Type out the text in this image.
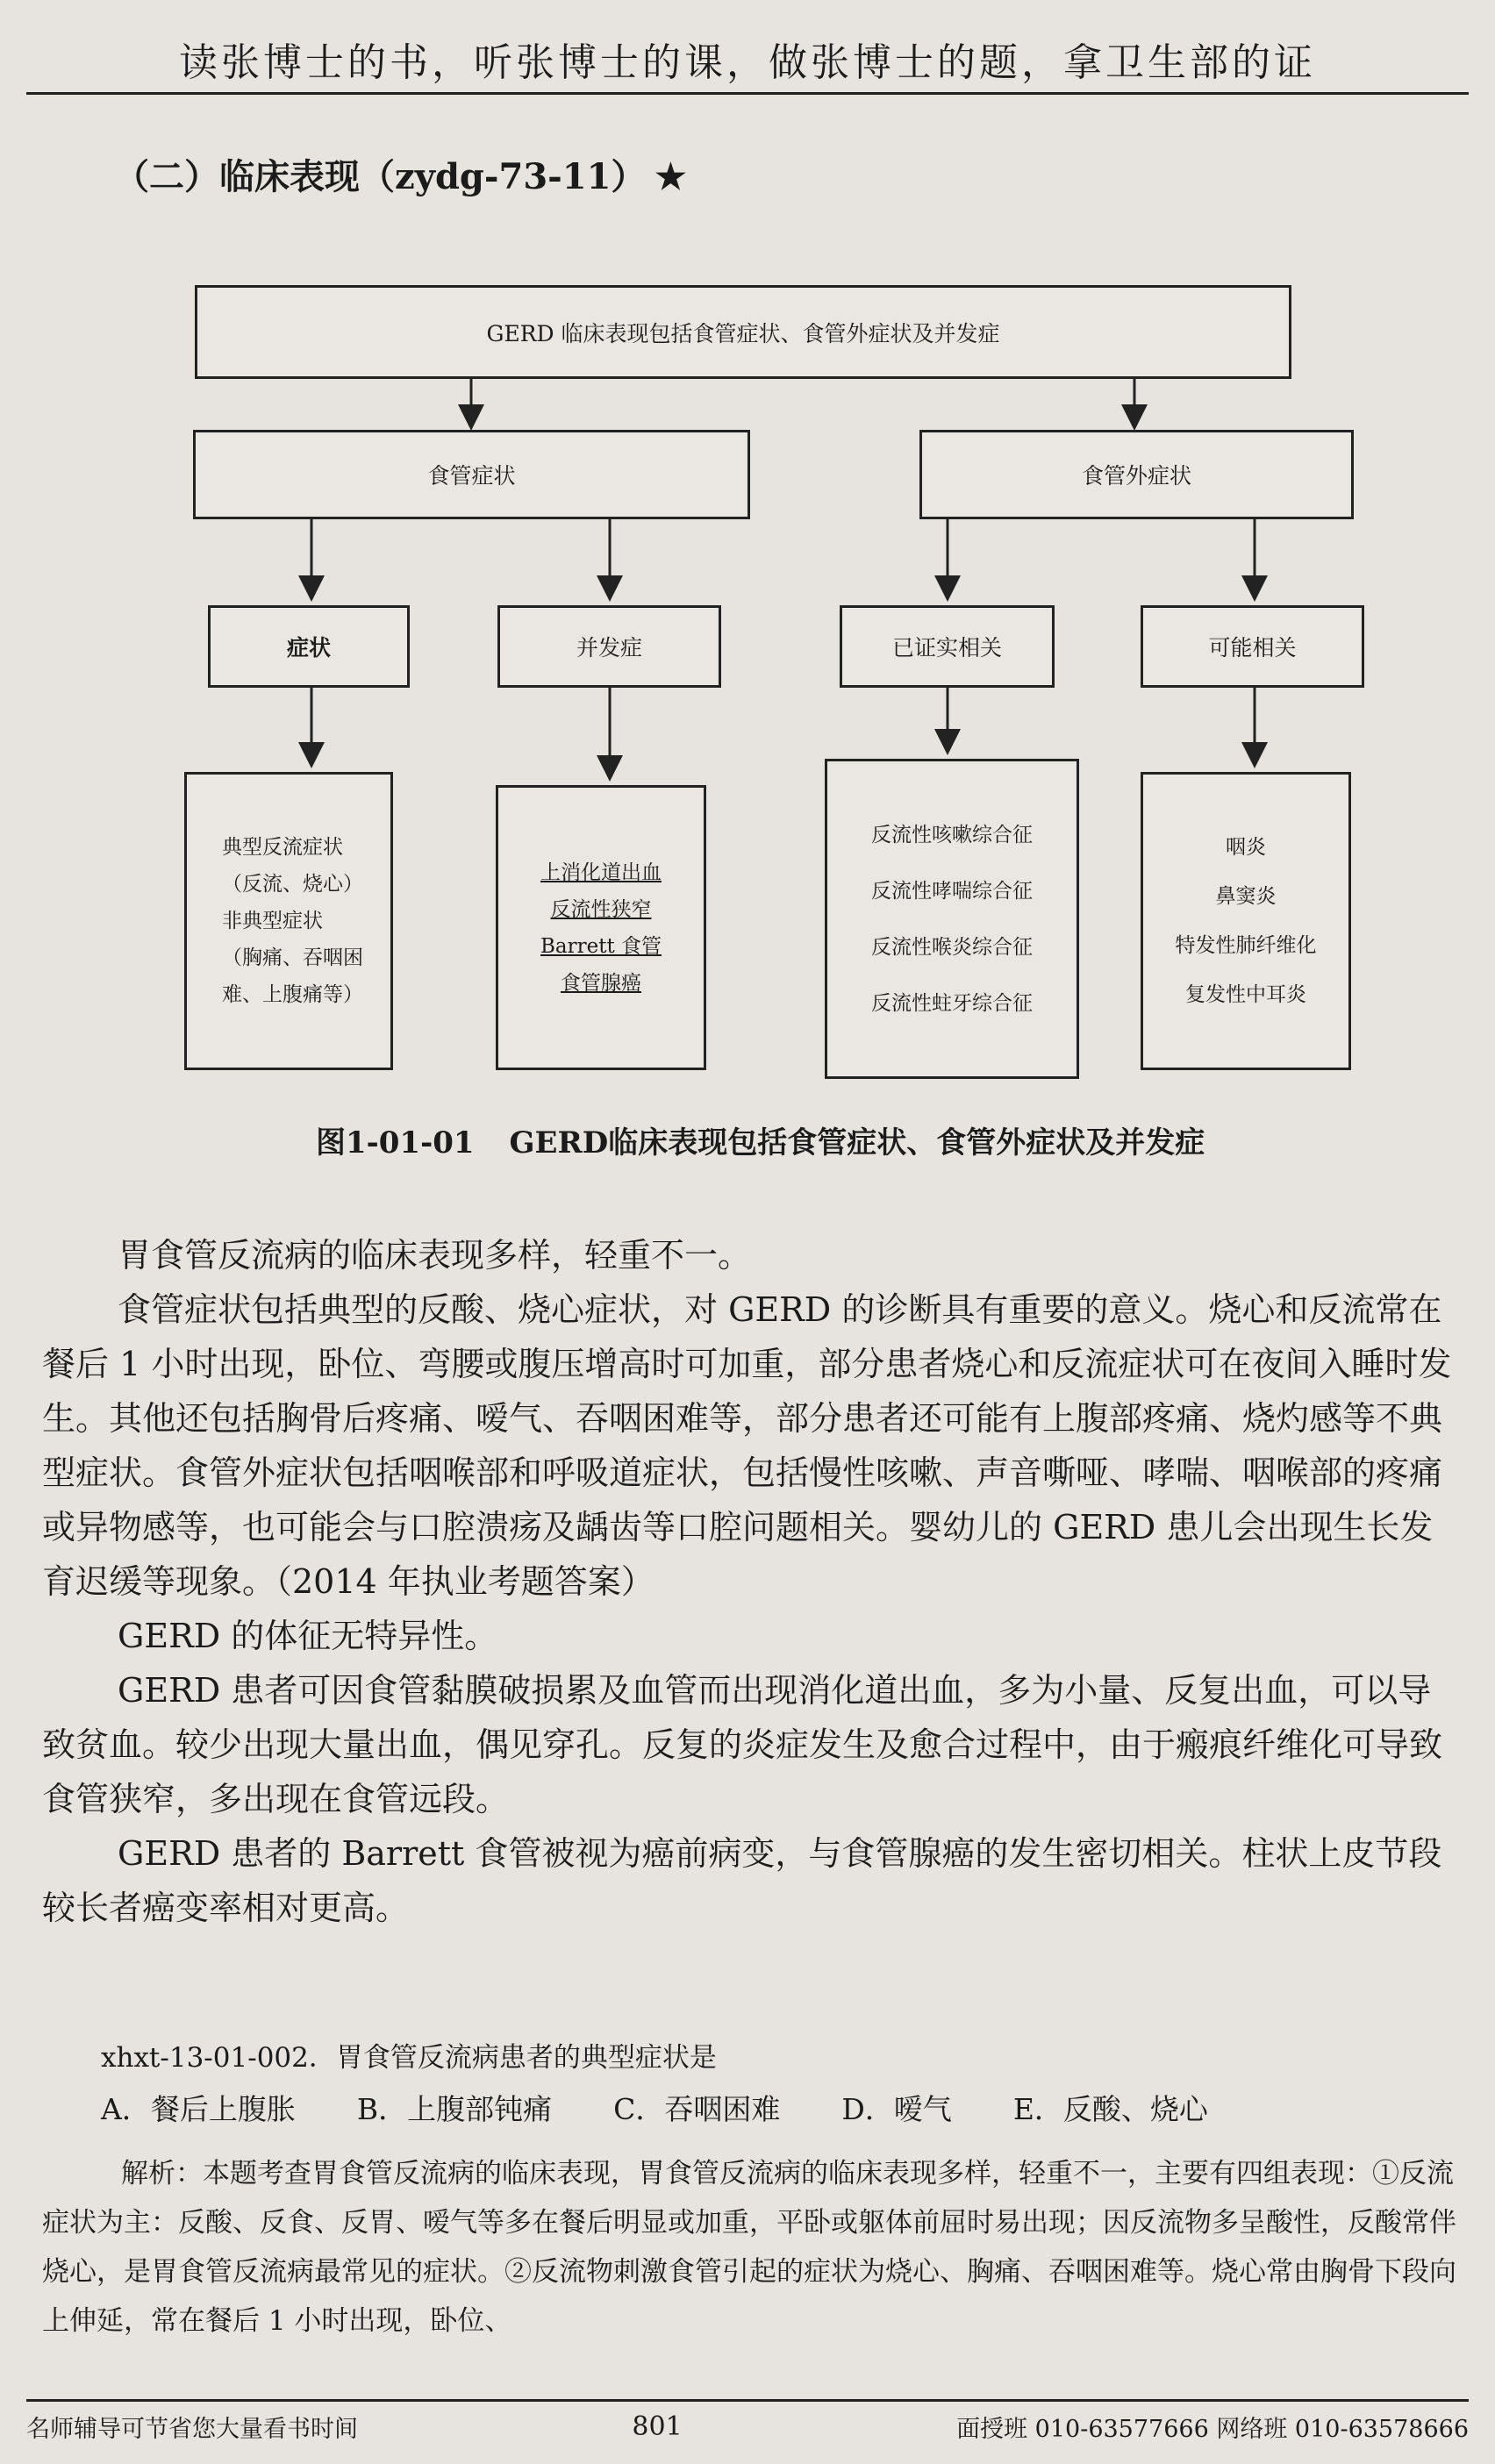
读张博士的书，听张博士的课，做张博士的题，拿卫生部的证
（二）临床表现（zydg-73-11） ★
GERD 临床表现包括食管症状、食管外症状及并发症
食管症状	食管外症状
症状	并发症	已证实相关	可能相关
典型反流症状
（反流、烧心）
非典型症状
（胸痛、吞咽困
难、上腹痛等）
上消化道出血
反流性狭窄
Barrett 食管
食管腺癌
反流性咳嗽综合征
反流性哮喘综合征
反流性喉炎综合征
反流性蛀牙综合征
咽炎
鼻窦炎
特发性肺纤维化
复发性中耳炎
图1-01-01 GERD临床表现包括食管症状、食管外症状及并发症

胃食管反流病的临床表现多样，轻重不一。

食管症状包括典型的反酸、烧心症状，对 GERD 的诊断具有重要的意义。烧心和反流常在餐后 1 小时出现，卧位、弯腰或腹压增高时可加重，部分患者烧心和反流症状可在夜间入睡时发生。其他还包括胸骨后疼痛、嗳气、吞咽困难等，部分患者还可能有上腹部疼痛、烧灼感等不典型症状。食管外症状包括咽喉部和呼吸道症状，包括慢性咳嗽、声音嘶哑、哮喘、咽喉部的疼痛或异物感等，也可能会与口腔溃疡及龋齿等口腔问题相关。婴幼儿的 GERD 患儿会出现生长发育迟缓等现象。（2014 年执业考题答案）

GERD 的体征无特异性。

GERD 患者可因食管黏膜破损累及血管而出现消化道出血，多为小量、反复出血，可以导致贫血。较少出现大量出血，偶见穿孔。反复的炎症发生及愈合过程中，由于瘢痕纤维化可导致食管狭窄，多出现在食管远段。

GERD 患者的 Barrett 食管被视为癌前病变，与食管腺癌的发生密切相关。柱状上皮节段较长者癌变率相对更高。

xhxt-13-01-002．胃食管反流病患者的典型症状是
A．餐后上腹胀 B．上腹部钝痛 C．吞咽困难 D．嗳气 E．反酸、烧心
解析：本题考查胃食管反流病的临床表现，胃食管反流病的临床表现多样，轻重不一，主要有四组表现：①反流症状为主：反酸、反食、反胃、嗳气等多在餐后明显或加重，平卧或躯体前屈时易出现；因反流物多呈酸性，反酸常伴烧心，是胃食管反流病最常见的症状。②反流物刺激食管引起的症状为烧心、胸痛、吞咽困难等。烧心常由胸骨下段向上伸延，常在餐后 1 小时出现，卧位、
名师辅导可节省您大量看书时间	801	面授班 010-63577666 网络班 010-63578666
